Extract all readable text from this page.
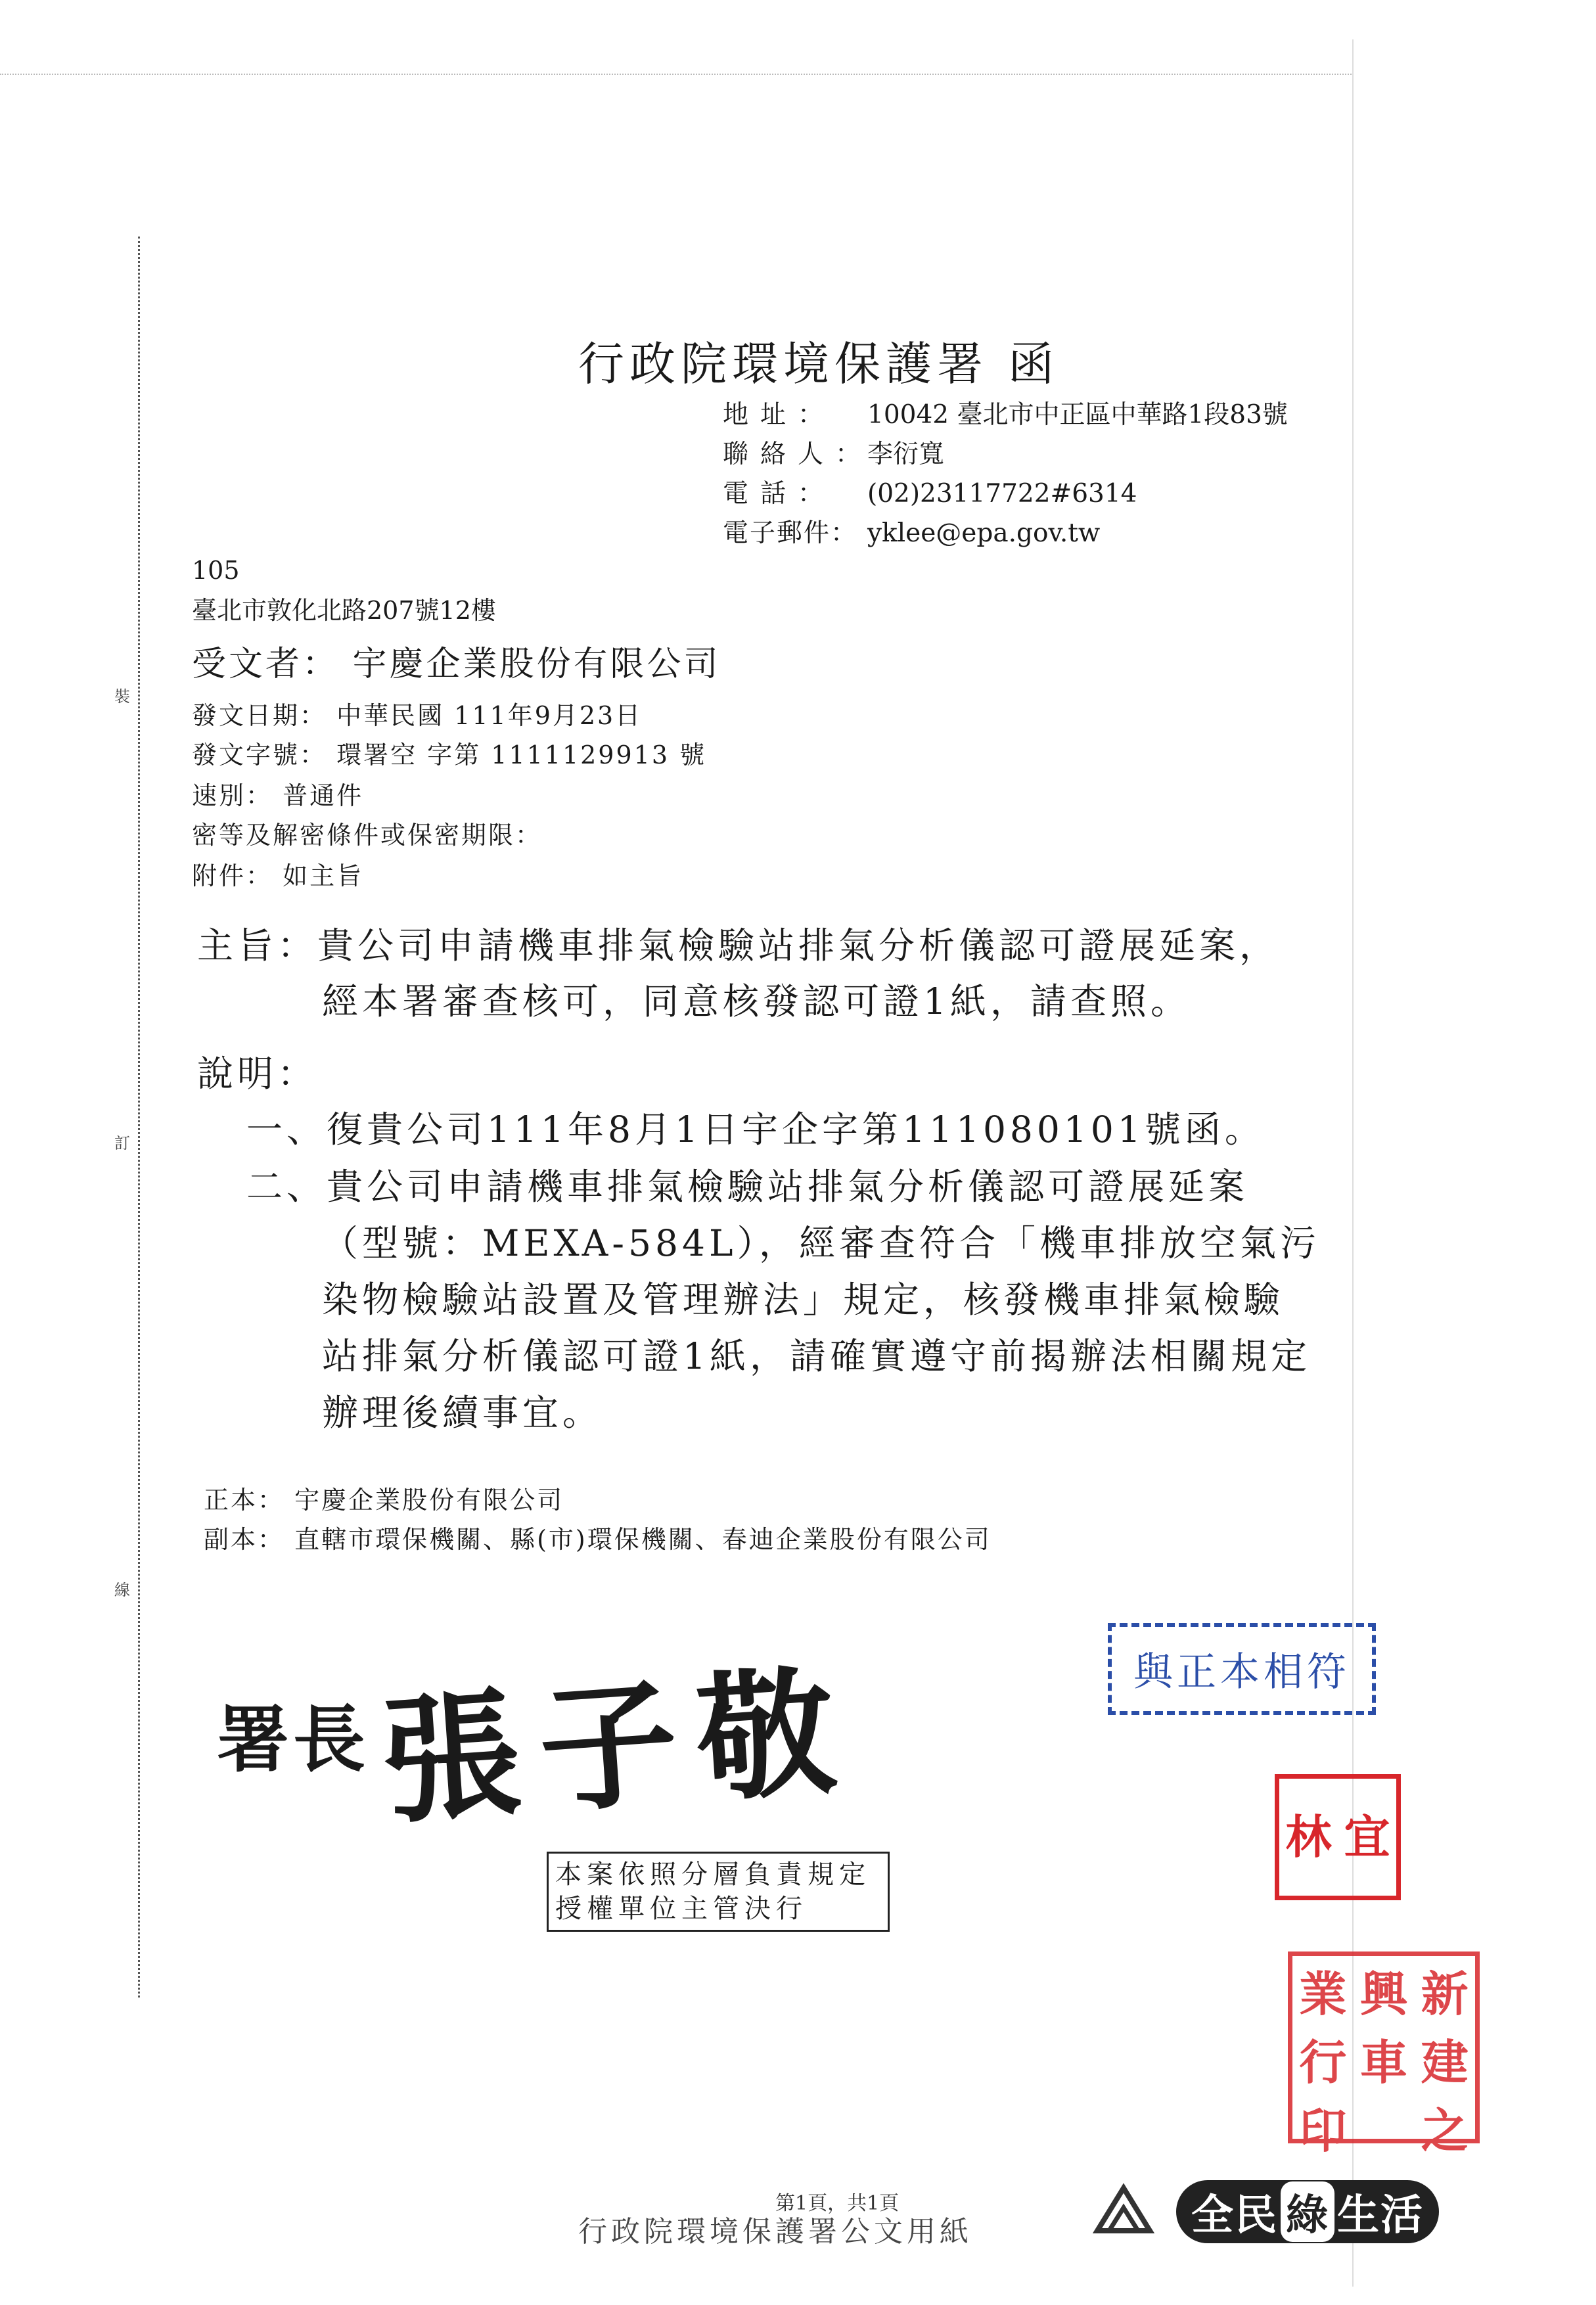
裝
訂
線
行政院環境保護署 函
地址： 10042 臺北市中正區中華路1段83號
聯絡人：李衍寬
電話： (02)23117722#6314
電子郵件： yklee@epa.gov.tw
105
臺北市敦化北路207號12樓
受文者： 宇慶企業股份有限公司
發文日期： 中華民國 111年9月23日
發文字號： 環署空 字第 1111129913 號
速別： 普通件
密等及解密條件或保密期限：
附件： 如主旨
主旨：貴公司申請機車排氣檢驗站排氣分析儀認可證展延案，
經本署審查核可，同意核發認可證1紙，請查照。
說明：
一、復貴公司111年8月1日宇企字第111080101號函。
二、貴公司申請機車排氣檢驗站排氣分析儀認可證展延案
（型號：MEXA-584L），經審查符合「機車排放空氣污
染物檢驗站設置及管理辦法」規定，核發機車排氣檢驗
站排氣分析儀認可證1紙，請確實遵守前揭辦法相關規定
辦理後續事宜。
正本： 宇慶企業股份有限公司
副本： 直轄市環保機關、縣(市)環保機關、春迪企業股份有限公司
與正本相符
署長 張子敬
本案依照分層負責規定
授權單位主管決行
林 宜
業 興 新
行 車 建
印 之
第1頁，共1頁
行政院環境保護署公文用紙	全民 綠 生活
